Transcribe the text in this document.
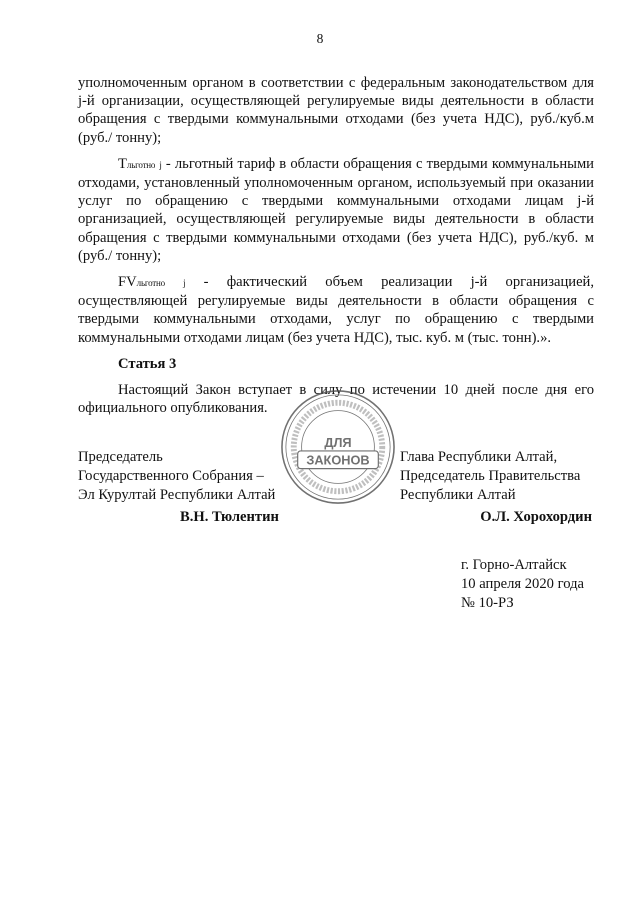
8

уполномоченным органом в соответствии с федеральным законодательством для j-й организации, осуществляющей регулируемые виды деятельности в области обращения с твердыми коммунальными отходами (без учета НДС), руб./куб.м (руб./ тонну);

Тльготно j - льготный тариф в области обращения с твердыми коммунальными отходами, установленный уполномоченным органом, используемый при оказании услуг по обращению с твердыми коммунальными отходами лицам j-й организацией, осуществляющей регулируемые виды деятельности в области обращения с твердыми коммунальными отходами (без учета НДС), руб./куб. м (руб./ тонну);

FVльготно j - фактический объем реализации j-й организацией, осуществляющей регулируемые виды деятельности в области обращения с твердыми коммунальными отходами, услуг по обращению с твердыми коммунальными отходами лицам (без учета НДС), тыс. куб. м (тыс. тонн).».

Статья 3

Настоящий Закон вступает в силу по истечении 10 дней после дня его официального опубликования.

Председатель
Государственного Собрания –
Эл Курултай Республики Алтай
В.Н. Тюлентин
Глава Республики Алтай,
Председатель Правительства
Республики Алтай
О.Л. Хорохордин
ДЛЯ
ЗАКОНОВ
г. Горно-Алтайск
10 апреля 2020 года
№ 10-РЗ
